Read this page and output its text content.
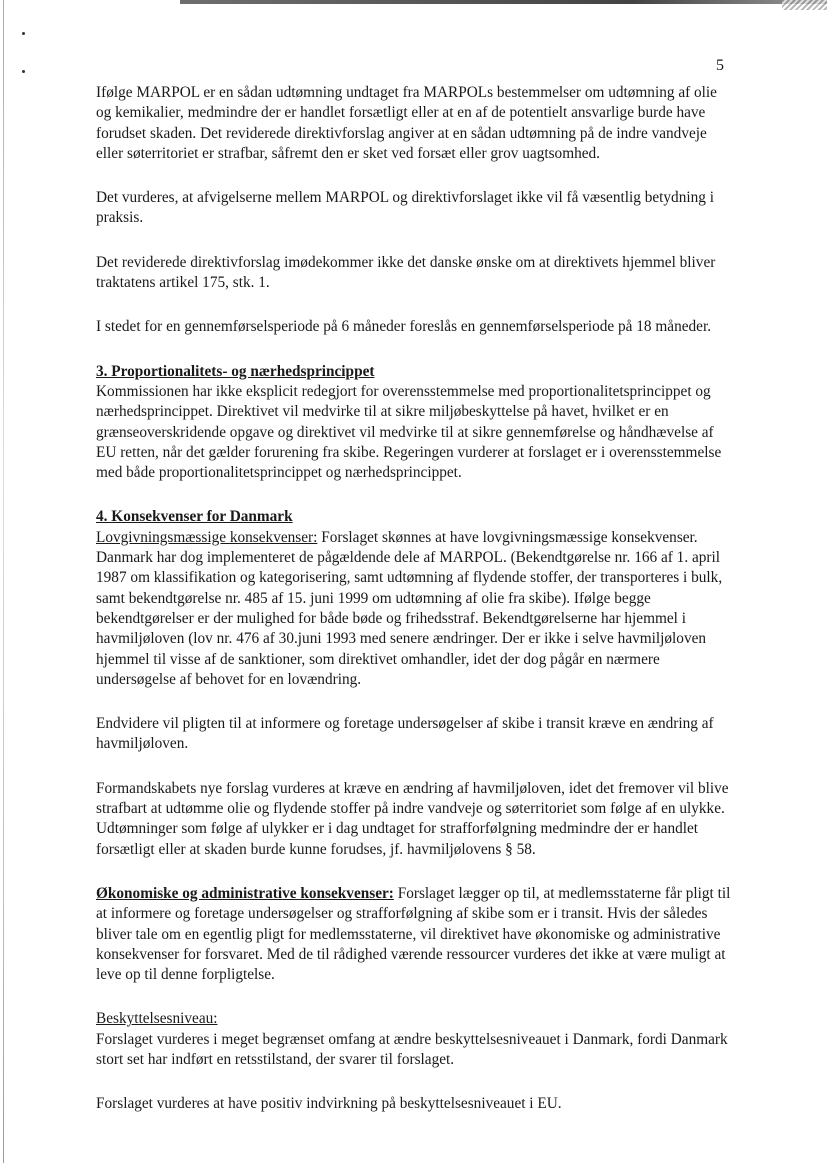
5

Ifølge MARPOL er en sådan udtømning undtaget fra MARPOLs bestemmelser om udtømning af olie og kemikalier, medmindre der er handlet forsætligt eller at en af de potentielt ansvarlige burde have forudset skaden. Det reviderede direktivforslag angiver at en sådan udtømning på de indre vandveje eller søterritoriet er strafbar, såfremt den er sket ved forsæt eller grov uagtsomhed.

Det vurderes, at afvigelserne mellem MARPOL og direktivforslaget ikke vil få væsentlig betydning i praksis.

Det reviderede direktivforslag imødekommer ikke det danske ønske om at direktivets hjemmel bliver traktatens artikel 175, stk. 1.

I stedet for en gennemførselsperiode på 6 måneder foreslås en gennemførselsperiode på 18 måneder.

3. Proportionalitets- og nærhedsprincippet

Kommissionen har ikke eksplicit redegjort for overensstemmelse med proportionalitetsprincippet og nærhedsprincippet. Direktivet vil medvirke til at sikre miljøbeskyttelse på havet, hvilket er en grænseoverskridende opgave og direktivet vil medvirke til at sikre gennemførelse og håndhævelse af EU retten, når det gælder forurening fra skibe. Regeringen vurderer at forslaget er i overensstemmelse med både proportionalitetsprincippet og nærhedsprincippet.

4. Konsekvenser for Danmark

Lovgivningsmæssige konsekvenser: Forslaget skønnes at have lovgivningsmæssige konsekvenser. Danmark har dog implementeret de pågældende dele af MARPOL. (Bekendtgørelse nr. 166 af 1. april 1987 om klassifikation og kategorisering, samt udtømning af flydende stoffer, der transporteres i bulk, samt bekendtgørelse nr. 485 af 15. juni 1999 om udtømning af olie fra skibe). Ifølge begge bekendtgørelser er der mulighed for både bøde og frihedsstraf. Bekendtgørelserne har hjemmel i havmiljøloven (lov nr. 476 af 30.juni 1993 med senere ændringer. Der er ikke i selve havmiljøloven hjemmel til visse af de sanktioner, som direktivet omhandler, idet der dog pågår en nærmere undersøgelse af behovet for en lovændring.

Endvidere vil pligten til at informere og foretage undersøgelser af skibe i transit kræve en ændring af havmiljøloven.

Formandskabets nye forslag vurderes at kræve en ændring af havmiljøloven, idet det fremover vil blive strafbart at udtømme olie og flydende stoffer på indre vandveje og søterritoriet som følge af en ulykke. Udtømninger som følge af ulykker er i dag undtaget for strafforfølgning medmindre der er handlet forsætligt eller at skaden burde kunne forudses, jf. havmiljølovens § 58.

Økonomiske og administrative konsekvenser: Forslaget lægger op til, at medlemsstaterne får pligt til at informere og foretage undersøgelser og strafforfølgning af skibe som er i transit. Hvis der således bliver tale om en egentlig pligt for medlemsstaterne, vil direktivet have økonomiske og administrative konsekvenser for forsvaret. Med de til rådighed værende ressourcer vurderes det ikke at være muligt at leve op til denne forpligtelse.

Beskyttelsesniveau:

Forslaget vurderes i meget begrænset omfang at ændre beskyttelsesniveauet i Danmark, fordi Danmark stort set har indført en retsstilstand, der svarer til forslaget.

Forslaget vurderes at have positiv indvirkning på beskyttelsesniveauet i EU.
